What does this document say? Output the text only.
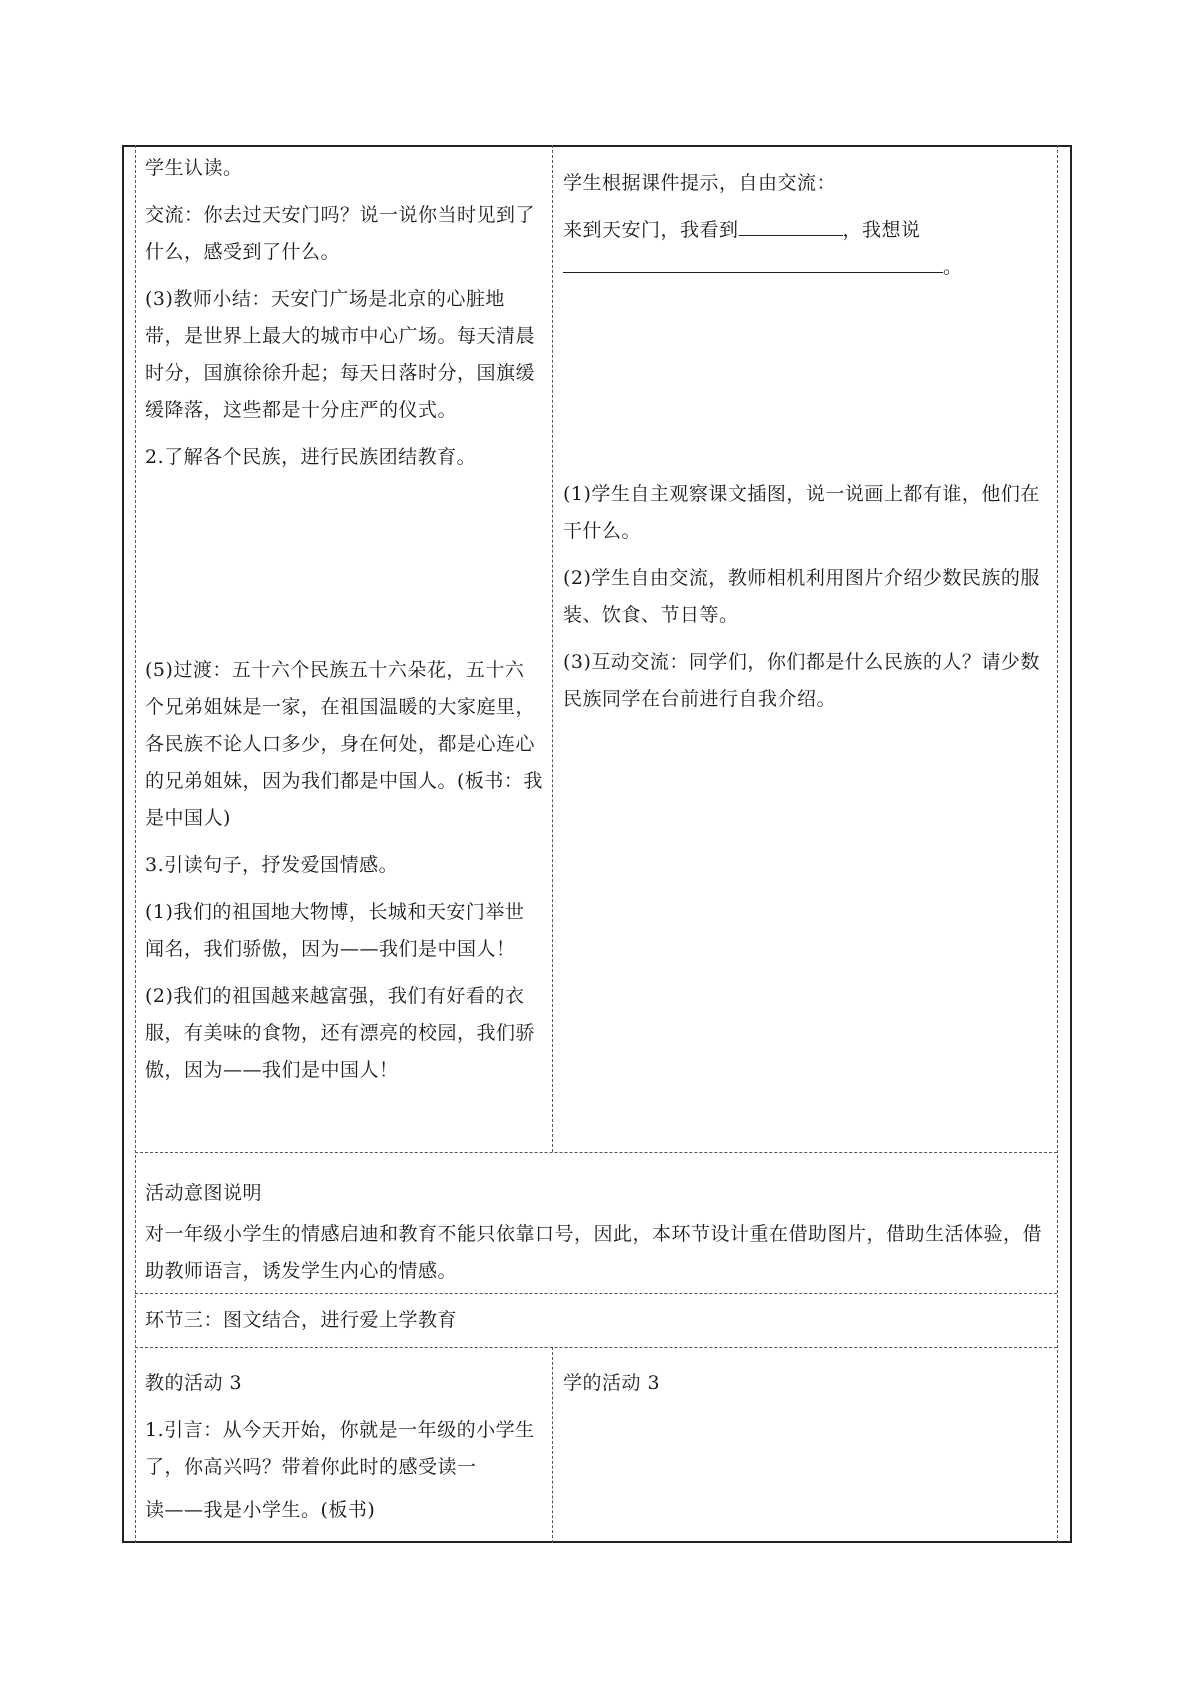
学生认读。

交流：你去过天安门吗？说一说你当时见到了什么，感受到了什么。

(3)教师小结：天安门广场是北京的心脏地带，是世界上最大的城市中心广场。每天清晨时分，国旗徐徐升起；每天日落时分，国旗缓缓降落，这些都是十分庄严的仪式。

2.了解各个民族，进行民族团结教育。

(5)过渡：五十六个民族五十六朵花，五十六个兄弟姐妹是一家，在祖国温暖的大家庭里，各民族不论人口多少，身在何处，都是心连心的兄弟姐妹，因为我们都是中国人。(板书：我是中国人)

3.引读句子，抒发爱国情感。

(1)我们的祖国地大物博，长城和天安门举世闻名，我们骄傲，因为——我们是中国人！

(2)我们的祖国越来越富强，我们有好看的衣服，有美味的食物，还有漂亮的校园，我们骄傲，因为——我们是中国人！

学生根据课件提示，自由交流：

来到天安门，我看到	，我想说
。

(1)学生自主观察课文插图，说一说画上都有谁，他们在干什么。

(2)学生自由交流，教师相机利用图片介绍少数民族的服装、饮食、节日等。

(3)互动交流：同学们，你们都是什么民族的人？请少数民族同学在台前进行自我介绍。

活动意图说明

对一年级小学生的情感启迪和教育不能只依靠口号，因此，本环节设计重在借助图片，借助生活体验，借助教师语言，诱发学生内心的情感。

环节三：图文结合，进行爱上学教育

教的活动 3

1.引言：从今天开始，你就是一年级的小学生了，你高兴吗？带着你此时的感受读一

读——我是小学生。(板书)

学的活动 3
